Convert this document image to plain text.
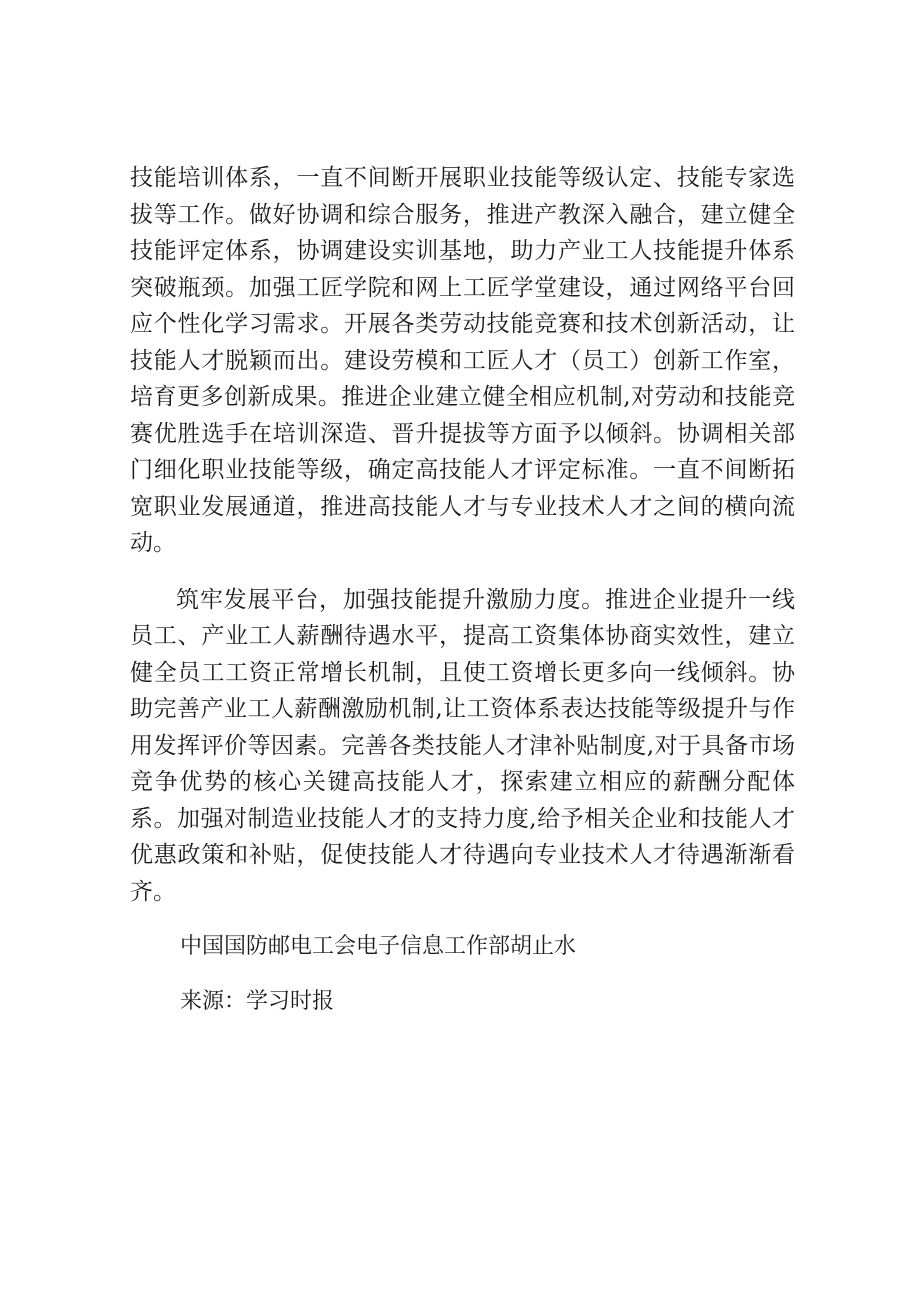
技能培训体系，一直不间断开展职业技能等级认定、技能专家选拔等工作。做好协调和综合服务，推进产教深入融合，建立健全技能评定体系，协调建设实训基地，助力产业工人技能提升体系突破瓶颈。加强工匠学院和网上工匠学堂建设，通过网络平台回应个性化学习需求。开展各类劳动技能竞赛和技术创新活动，让技能人才脱颖而出。建设劳模和工匠人才（员工）创新工作室，培育更多创新成果。推进企业建立健全相应机制,对劳动和技能竞赛优胜选手在培训深造、晋升提拔等方面予以倾斜。协调相关部门细化职业技能等级，确定高技能人才评定标准。一直不间断拓宽职业发展通道，推进高技能人才与专业技术人才之间的横向流动。

筑牢发展平台，加强技能提升激励力度。推进企业提升一线员工、产业工人薪酬待遇水平，提高工资集体协商实效性，建立健全员工工资正常增长机制，且使工资增长更多向一线倾斜。协助完善产业工人薪酬激励机制,让工资体系表达技能等级提升与作用发挥评价等因素。完善各类技能人才津补贴制度,对于具备市场竞争优势的核心关键高技能人才，探索建立相应的薪酬分配体系。加强对制造业技能人才的支持力度,给予相关企业和技能人才优惠政策和补贴，促使技能人才待遇向专业技术人才待遇渐渐看齐。

中国国防邮电工会电子信息工作部胡止水

来源：学习时报
